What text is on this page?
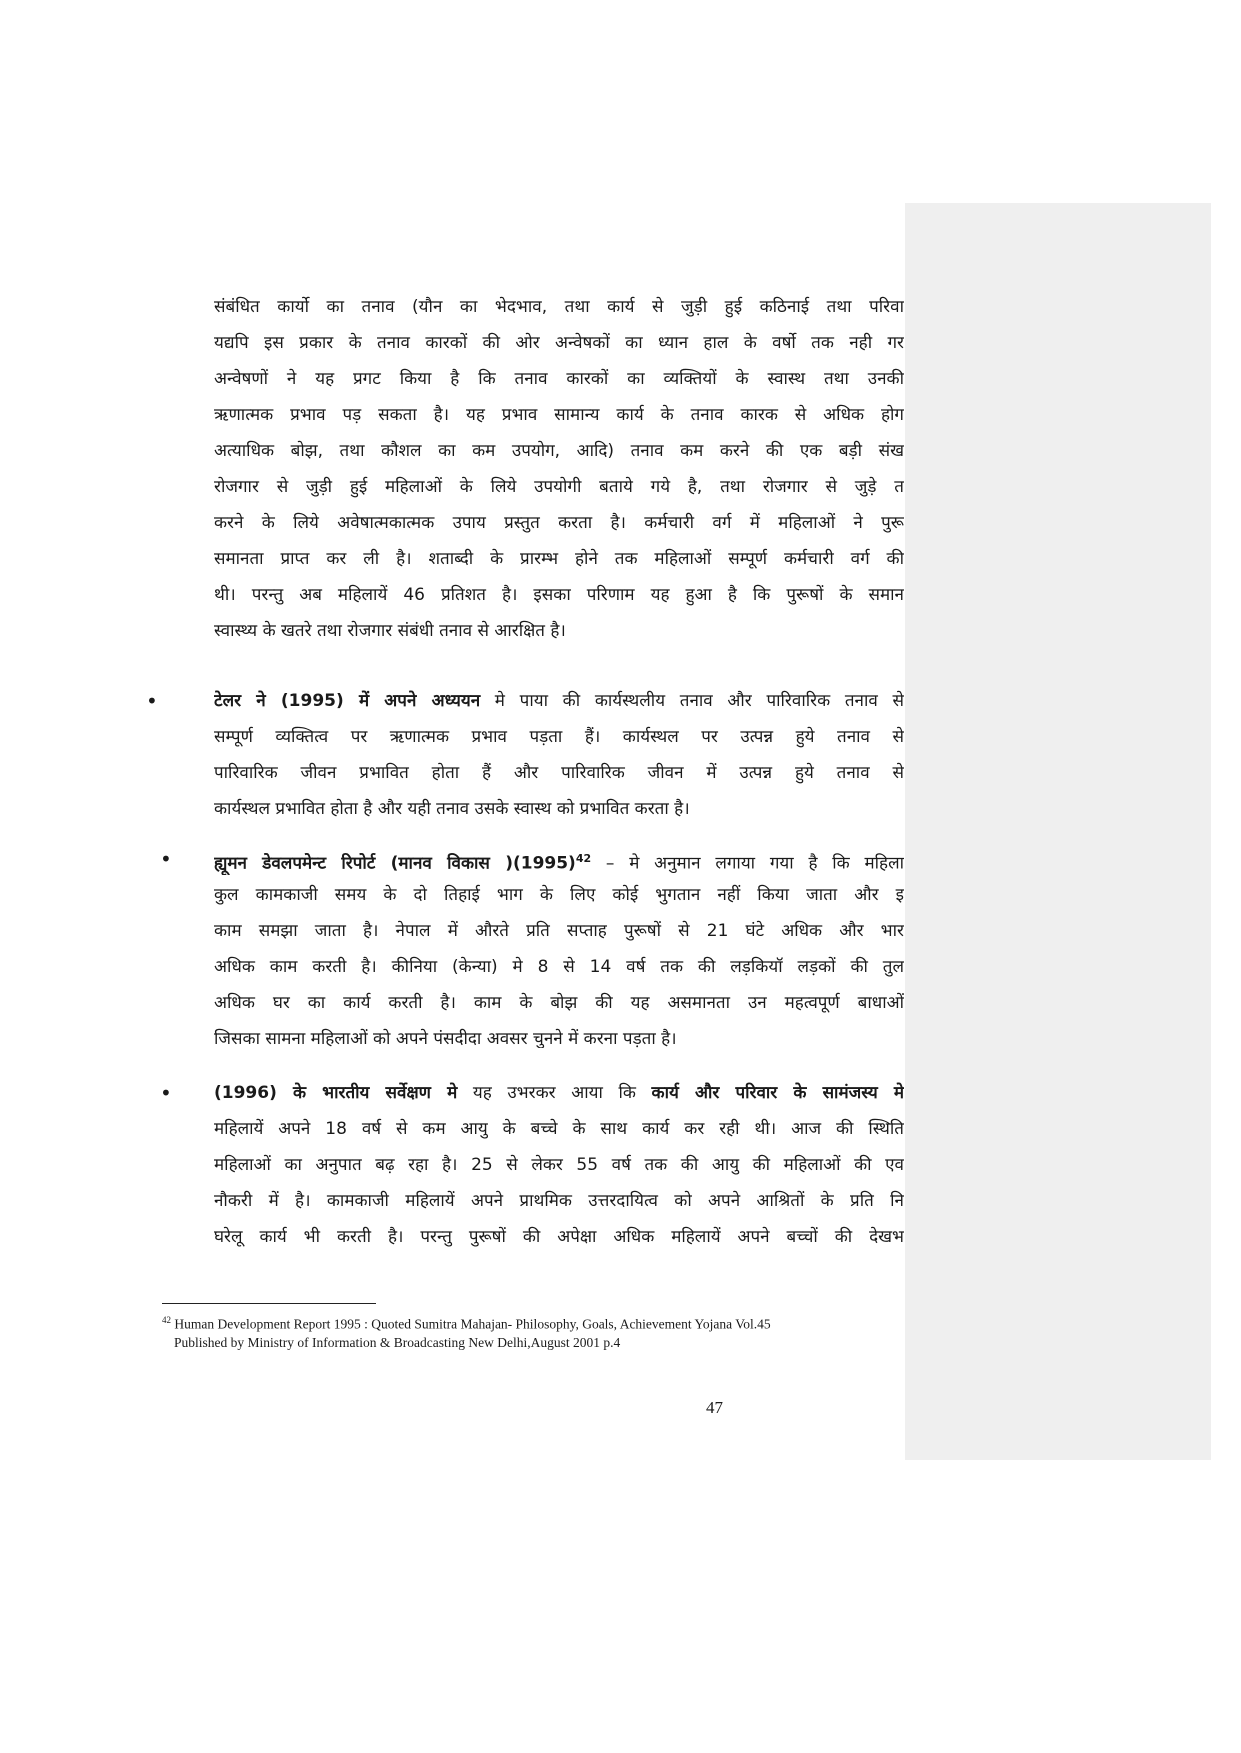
संबंधित कार्यो का तनाव (यौन का भेदभाव, तथा कार्य से जुड़ी हुई कठिनाई तथा परिवा
यद्यपि इस प्रकार के तनाव कारकों की ओर अन्वेषकों का ध्यान हाल के वर्षो तक नही गर
अन्वेषणों ने यह प्रगट किया है कि तनाव कारकों का व्यक्तियों के स्वास्थ तथा उनकी
ऋणात्मक प्रभाव पड़ सकता है। यह प्रभाव सामान्य कार्य के तनाव कारक से अधिक होग
अत्याधिक बोझ, तथा कौशल का कम उपयोग, आदि) तनाव कम करने की एक बड़ी संख
रोजगार से जुड़ी हुई महिलाओं के लिये उपयोगी बताये गये है, तथा रोजगार से जुड़े त
करने के लिये अवेषात्मकात्मक उपाय प्रस्तुत करता है। कर्मचारी वर्ग में महिलाओं ने पुरू
समानता प्राप्त कर ली है। शताब्दी के प्रारम्भ होने तक महिलाओं सम्पूर्ण कर्मचारी वर्ग की
थी। परन्तु अब महिलायें 46 प्रतिशत है। इसका परिणाम यह हुआ है कि पुरूषों के समान
स्वास्थ्य के खतरे तथा रोजगार संबंधी तनाव से आरक्षित है।
•	टेलर ने (1995) में अपने अध्ययन मे पाया की कार्यस्थलीय तनाव और पारिवारिक तनाव से
सम्पूर्ण व्यक्तित्व पर ऋणात्मक प्रभाव पड़ता हैं। कार्यस्थल पर उत्पन्न हुये तनाव से
पारिवारिक जीवन प्रभावित होता हैं और पारिवारिक जीवन में उत्पन्न हुये तनाव से
कार्यस्थल प्रभावित होता है और यही तनाव उसके स्वास्थ को प्रभावित करता है।
• ह्यूमन डेवलपमेन्ट रिपोर्ट (मानव विकास )$(1995)^{42}$ – मे अनुमान लगाया गया है कि महिला
कुल कामकाजी समय के दो तिहाई भाग के लिए कोई भुगतान नहीं किया जाता और इ
काम समझा जाता है। नेपाल में औरते प्रति सप्ताह पुरूषों से 21 घंटे अधिक और भार
अधिक काम करती है। कीनिया (केन्या) मे 8 से 14 वर्ष तक की लड़कियॉ लड़कों की तुल
अधिक घर का कार्य करती है। काम के बोझ की यह असमानता उन महत्वपूर्ण बाधाओं
जिसका सामना महिलाओं को अपने पंसदीदा अवसर चुनने में करना पड़ता है।
• (1996) के भारतीय सर्वेक्षण मे यह उभरकर आया कि कार्य और परिवार के सामंजस्य मे
महिलायें अपने 18 वर्ष से कम आयु के बच्चे के साथ कार्य कर रही थी। आज की स्थिति
महिलाओं का अनुपात बढ़ रहा है। 25 से लेकर 55 वर्ष तक की आयु की महिलाओं की एव
नौकरी में है। कामकाजी महिलायें अपने प्राथमिक उत्तरदायित्व को अपने आश्रितों के प्रति नि
घरेलू कार्य भी करती है। परन्तु पुरूषों की अपेक्षा अधिक महिलायें अपने बच्चों की देखभ
$^{42}$ Human Development Report 1995 : Quoted Sumitra Mahajan- Philosophy, Goals, Achievement Yojana Vol.45
Published by Ministry of Information & Broadcasting New Delhi,August 2001 p.4
47
